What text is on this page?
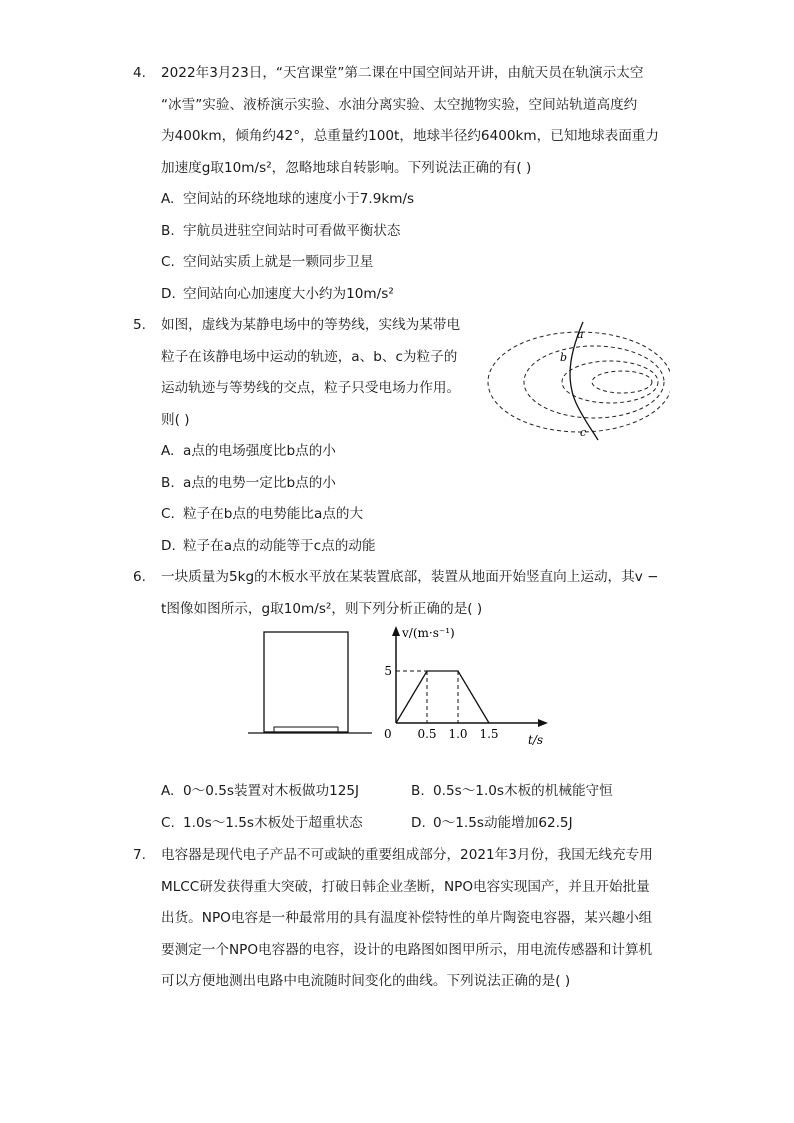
4.	2022年3月23日，“天宫课堂”第二课在中国空间站开讲，由航天员在轨演示太空
“冰雪”实验、液桥演示实验、水油分离实验、太空抛物实验，空间站轨道高度约
为400km，倾角约42°，总重量约100t，地球半径约6400km，已知地球表面重力
加速度g取10m/s²，忽略地球自转影响。下列说法正确的有( )
A. 空间站的环绕地球的速度小于7.9km/s
B. 宇航员进驻空间站时可看做平衡状态
C. 空间站实质上就是一颗同步卫星
D. 空间站向心加速度大小约为10m/s²
5.	如图，虚线为某静电场中的等势线，实线为某带电
粒子在该静电场中运动的轨迹，a、b、c为粒子的
运动轨迹与等势线的交点，粒子只受电场力作用。
则( )
A. a点的电场强度比b点的小
B. a点的电势一定比b点的小
C. 粒子在b点的电势能比a点的大
D. 粒子在a点的动能等于c点的动能
a
b
c
6.	一块质量为5kg的木板水平放在某装置底部，装置从地面开始竖直向上运动，其v −
t图像如图所示，g取10m/s²，则下列分析正确的是( )
v/(m·s⁻¹)
t/s
0 0.5 1.0 1.5
5
A. 0～0.5s装置对木板做功125J	B. 0.5s～1.0s木板的机械能守恒
C. 1.0s～1.5s木板处于超重状态	D. 0～1.5s动能增加62.5J
7.	电容器是现代电子产品不可或缺的重要组成部分，2021年3月份，我国无线充专用
MLCC研发获得重大突破，打破日韩企业垄断，NPO电容实现国产，并且开始批量
出货。NPO电容是一种最常用的具有温度补偿特性的单片陶瓷电容器，某兴趣小组
要测定一个NPO电容器的电容，设计的电路图如图甲所示，用电流传感器和计算机
可以方便地测出电路中电流随时间变化的曲线。下列说法正确的是( )
